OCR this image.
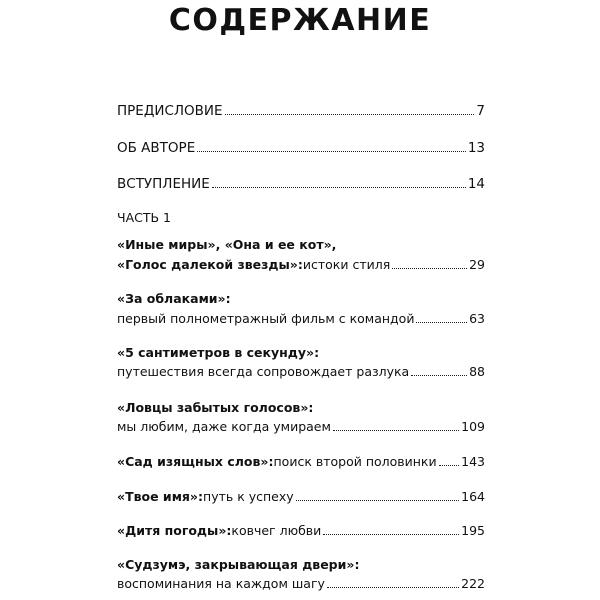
СОДЕРЖАНИЕ
ПРЕДИСЛОВИЕ	7
ОБ АВТОРЕ	13
ВСТУПЛЕНИЕ	14
ЧАСТЬ 1
«Иные миры», «Она и ее кот»,
«Голос далекой звезды»: истоки стиля	29
«За облаками»:
первый полнометражный фильм с командой	63
«5 сантиметров в секунду»:
путешествия всегда сопровождает разлука	88
«Ловцы забытых голосов»:
мы любим, даже когда умираем	109
«Сад изящных слов»: поиск второй половинки 143
«Твое имя»: путь к успеху	164
«Дитя погоды»: ковчег любви	195
«Судзумэ, закрывающая двери»:
воспоминания на каждом шагу	222
